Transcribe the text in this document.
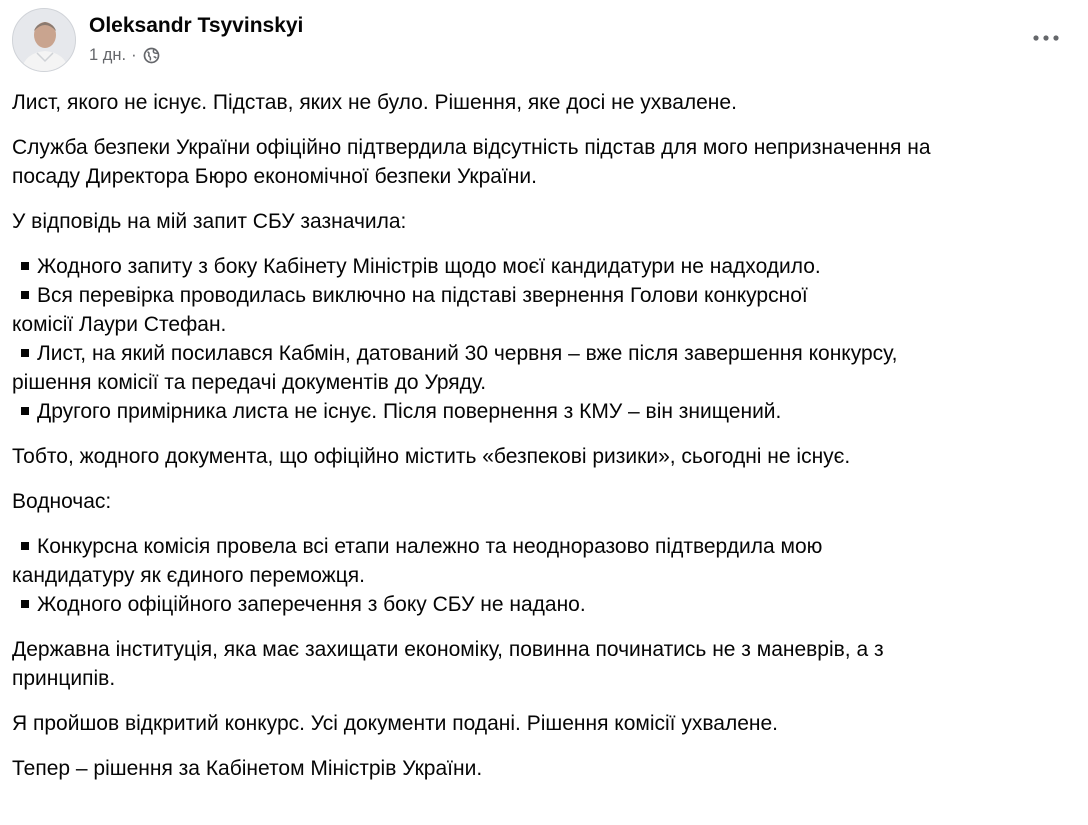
Oleksandr Tsyvinskyi
1 дн. ·

Лист, якого не існує. Підстав, яких не було. Рішення, яке досі не ухвалене.

Служба безпеки України офіційно підтвердила відсутність підстав для мого непризначення на
посаду Директора Бюро економічної безпеки України.

У відповідь на мій запит СБУ зазначила:

Жодного запиту з боку Кабінету Міністрів щодо моєї кандидатури не надходило.
Вся перевірка проводилась виключно на підставі звернення Голови конкурсної
комісії Лаури Стефан.
Лист, на який посилався Кабмін, датований 30 червня – вже після завершення конкурсу,
рішення комісії та передачі документів до Уряду.
Другого примірника листа не існує. Після повернення з КМУ – він знищений.

Тобто, жодного документа, що офіційно містить «безпекові ризики», сьогодні не існує.

Водночас:

Конкурсна комісія провела всі етапи належно та неодноразово підтвердила мою
кандидатуру як єдиного переможця.
Жодного офіційного заперечення з боку СБУ не надано.

Державна інституція, яка має захищати економіку, повинна починатись не з маневрів, а з
принципів.

Я пройшов відкритий конкурс. Усі документи подані. Рішення комісії ухвалене.

Тепер – рішення за Кабінетом Міністрів України.
